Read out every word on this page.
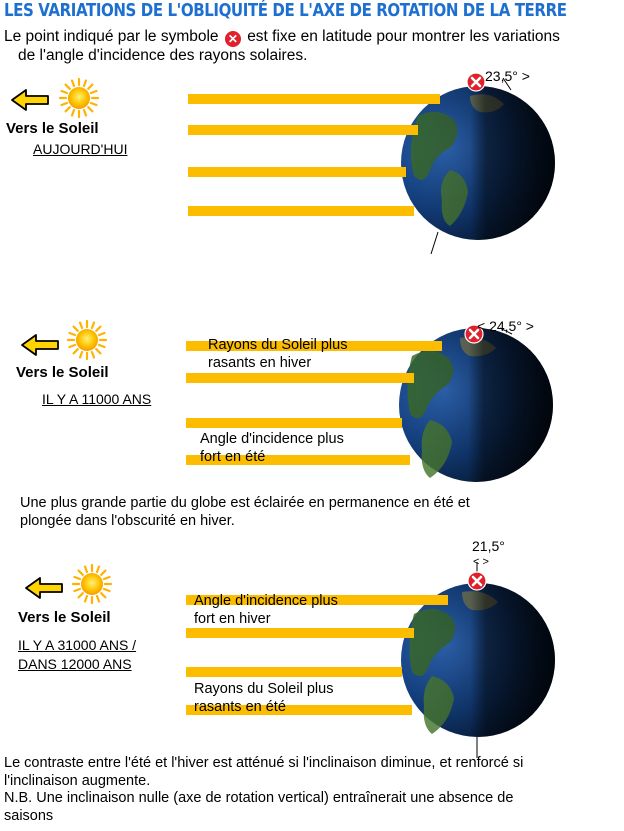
LES VARIATIONS DE L'OBLIQUITÉ DE L'AXE DE ROTATION DE LA TERRE
Le point indiqué par le symbole ✕ est fixe en latitude pour montrer les variations
de l'angle d'incidence des rayons solaires.
Vers le Soleil
AUJOURD'HUI
23,5° >
Vers le Soleil
IL Y A 11000 ANS
< 24,5° >
Rayons du Soleil plus
rasants en hiver
Angle d'incidence plus
fort en été
Une plus grande partie du globe est éclairée en permanence en été et
plongée dans l'obscurité en hiver.
Vers le Soleil
IL Y A 31000 ANS /
DANS 12000 ANS
21,5°
< >
Angle d'incidence plus
fort en hiver
Rayons du Soleil plus
rasants en été
Le contraste entre l'été et l'hiver est atténué si l'inclinaison diminue, et renforcé si
l'inclinaison augmente.
N.B. Une inclinaison nulle (axe de rotation vertical) entraînerait une absence de
saisons
